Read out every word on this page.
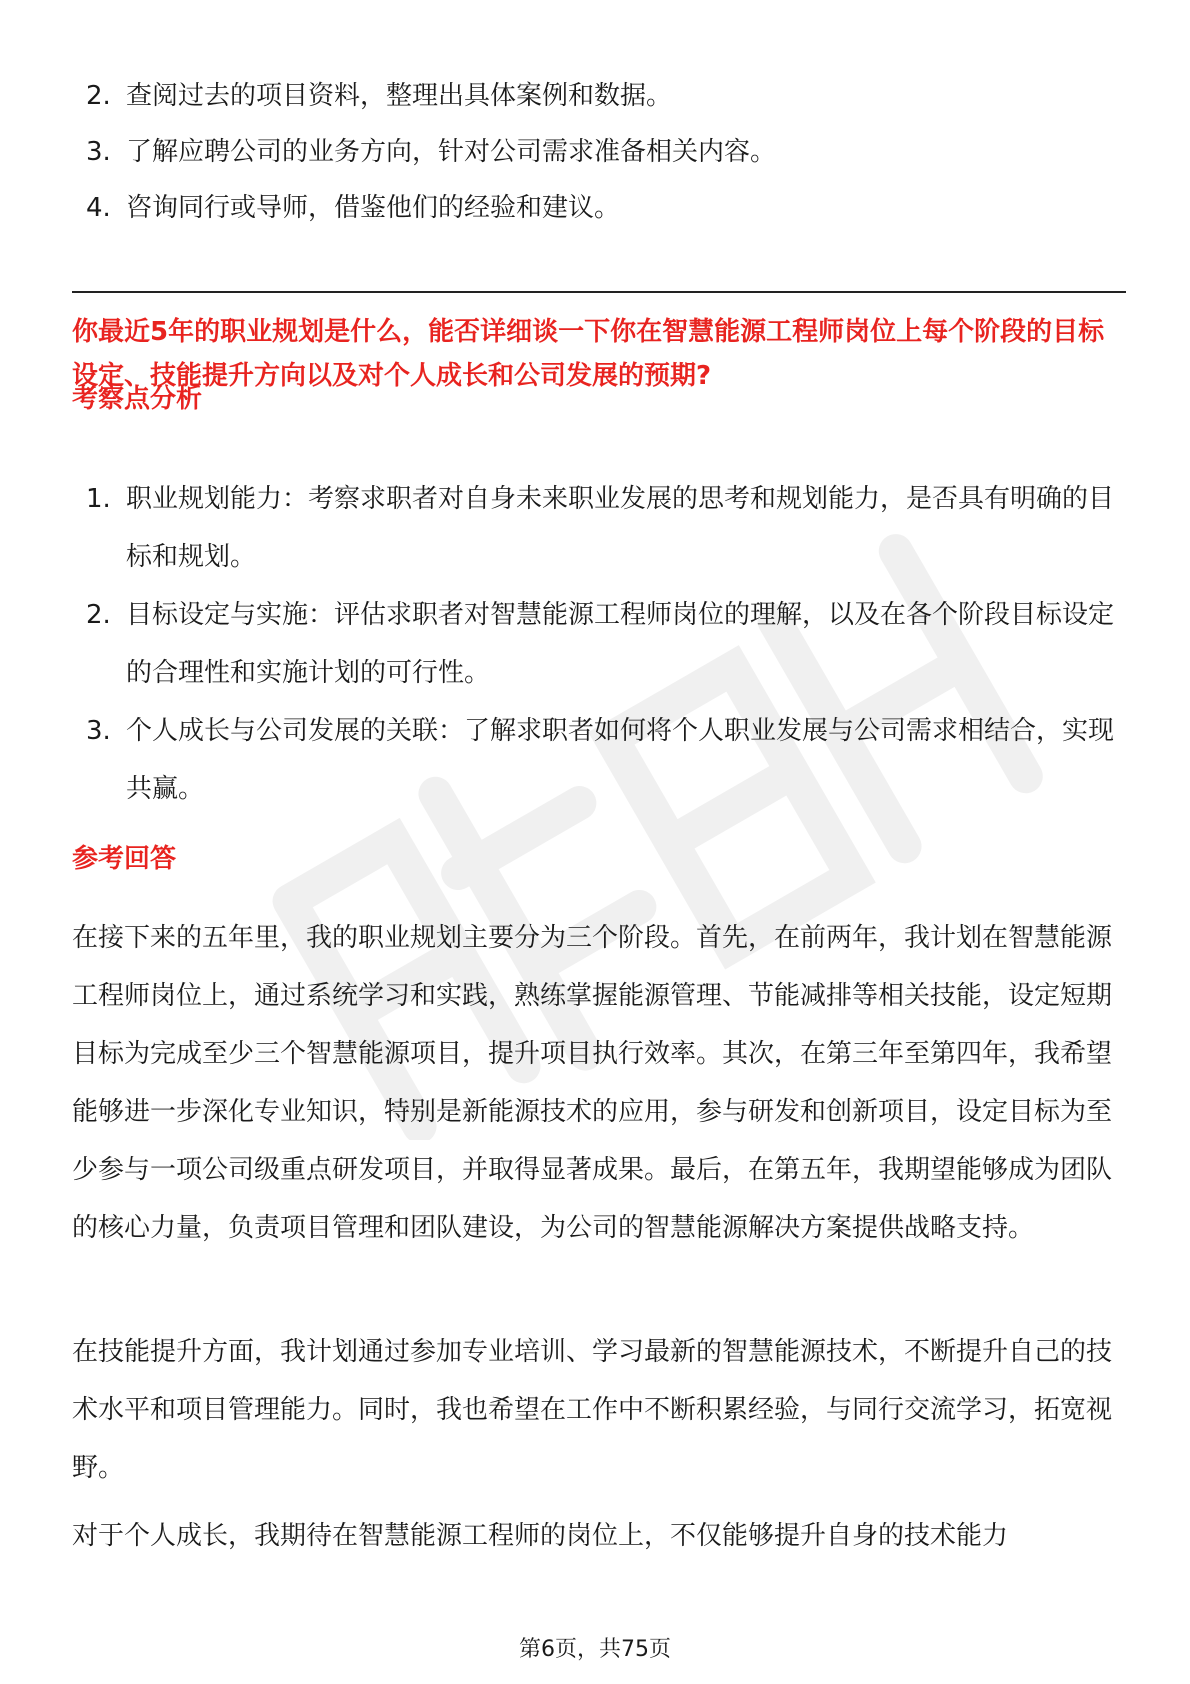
2. 查阅过去的项目资料，整理出具体案例和数据。
3. 了解应聘公司的业务方向，针对公司需求准备相关内容。
4. 咨询同行或导师，借鉴他们的经验和建议。
你最近5年的职业规划是什么，能否详细谈一下你在智慧能源工程师岗位上每个阶段的目标设定、技能提升方向以及对个人成长和公司发展的预期?
考察点分析
1. 职业规划能力：考察求职者对自身未来职业发展的思考和规划能力，是否具有明确的目标和规划。
2. 目标设定与实施：评估求职者对智慧能源工程师岗位的理解，以及在各个阶段目标设定的合理性和实施计划的可行性。
3. 个人成长与公司发展的关联：了解求职者如何将个人职业发展与公司需求相结合，实现共赢。
参考回答

在接下来的五年里，我的职业规划主要分为三个阶段。首先，在前两年，我计划在智慧能源工程师岗位上，通过系统学习和实践，熟练掌握能源管理、节能减排等相关技能，设定短期目标为完成至少三个智慧能源项目，提升项目执行效率。其次，在第三年至第四年，我希望能够进一步深化专业知识，特别是新能源技术的应用，参与研发和创新项目，设定目标为至少参与一项公司级重点研发项目，并取得显著成果。最后，在第五年，我期望能够成为团队的核心力量，负责项目管理和团队建设，为公司的智慧能源解决方案提供战略支持。

在技能提升方面，我计划通过参加专业培训、学习最新的智慧能源技术，不断提升自己的技术水平和项目管理能力。同时，我也希望在工作中不断积累经验，与同行交流学习，拓宽视野。

对于个人成长，我期待在智慧能源工程师的岗位上，不仅能够提升自身的技术能力

第6页，共75页
